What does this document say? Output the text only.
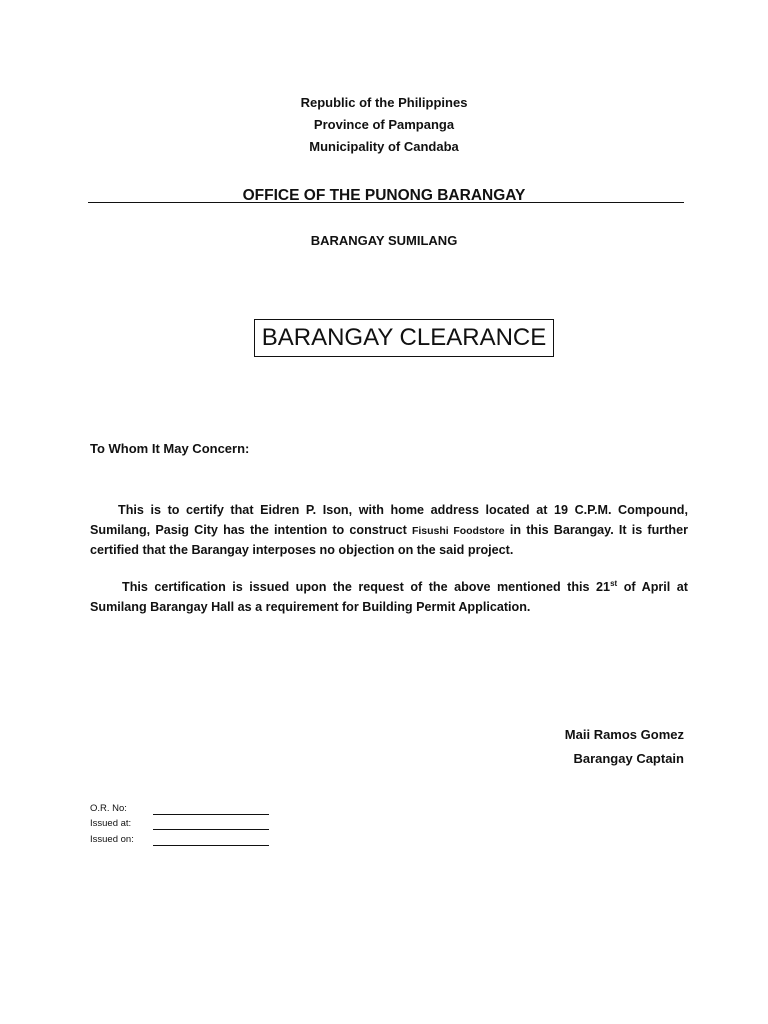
Republic of the Philippines
Province of Pampanga
Municipality of Candaba
OFFICE OF THE PUNONG BARANGAY
BARANGAY SUMILANG
BARANGAY CLEARANCE
To Whom It May Concern:
This is to certify that Eidren P. Ison, with home address located at 19 C.P.M. Compound, Sumilang, Pasig City has the intention to construct Fisushi Foodstore in this Barangay. It is further certified that the Barangay interposes no objection on the said project.
This certification is issued upon the request of the above mentioned this 21st of April at Sumilang Barangay Hall as a requirement for Building Permit Application.
Maii Ramos Gomez
Barangay Captain
O.R. No:
Issued at:
Issued on:
